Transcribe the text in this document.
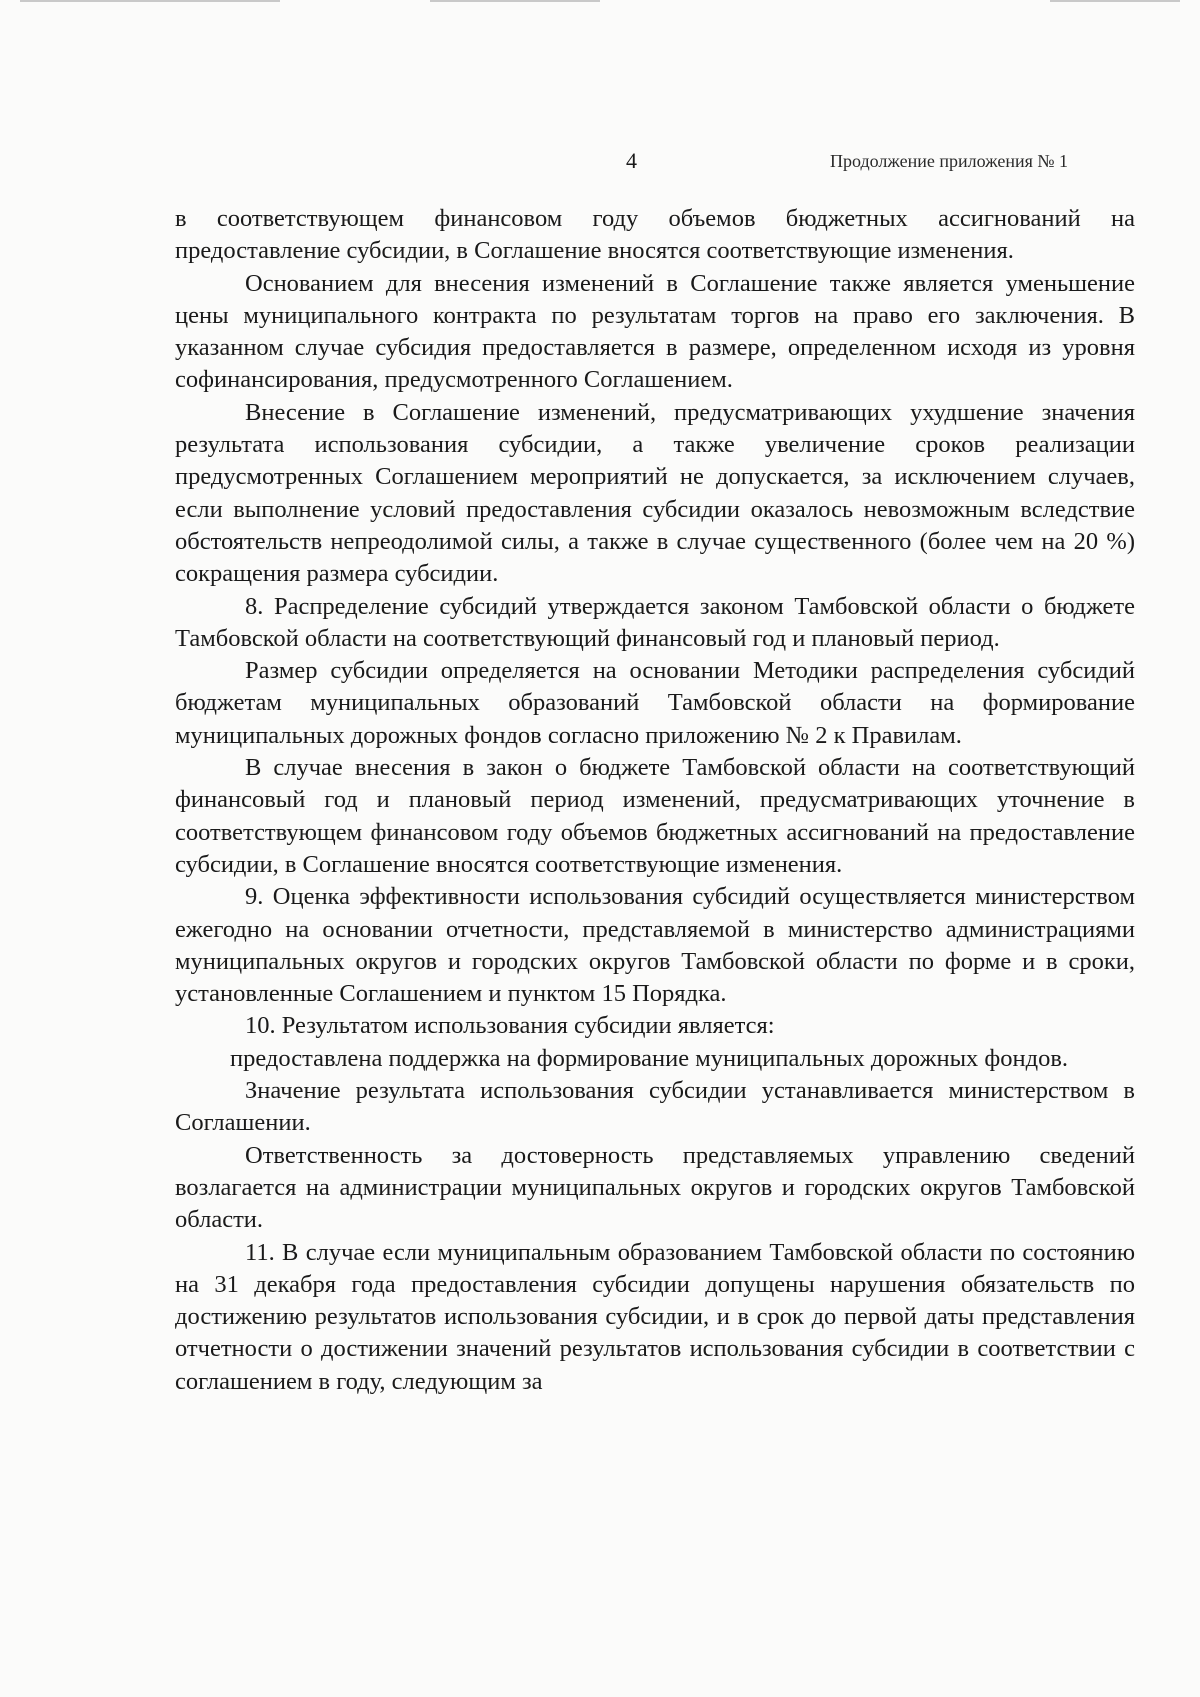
4	Продолжение приложения № 1

в соответствующем финансовом году объемов бюджетных ассигнований на предоставление субсидии, в Соглашение вносятся соответствующие изменения.

Основанием для внесения изменений в Соглашение также является уменьшение цены муниципального контракта по результатам торгов на право его заключения. В указанном случае субсидия предоставляется в размере, определенном исходя из уровня софинансирования, предусмотренного Соглашением.

Внесение в Соглашение изменений, предусматривающих ухудшение значения результата использования субсидии, а также увеличение сроков реализации предусмотренных Соглашением мероприятий не допускается, за исключением случаев, если выполнение условий предоставления субсидии оказалось невозможным вследствие обстоятельств непреодолимой силы, а также в случае существенного (более чем на 20 %) сокращения размера субсидии.

8. Распределение субсидий утверждается законом Тамбовской области о бюджете Тамбовской области на соответствующий финансовый год и плановый период.

Размер субсидии определяется на основании Методики распределения субсидий бюджетам муниципальных образований Тамбовской области на формирование муниципальных дорожных фондов согласно приложению № 2 к Правилам.

В случае внесения в закон о бюджете Тамбовской области на соответствующий финансовый год и плановый период изменений, предусматривающих уточнение в соответствующем финансовом году объемов бюджетных ассигнований на предоставление субсидии, в Соглашение вносятся соответствующие изменения.

9. Оценка эффективности использования субсидий осуществляется министерством ежегодно на основании отчетности, представляемой в министерство администрациями муниципальных округов и городских округов Тамбовской области по форме и в сроки, установленные Соглашением и пунктом 15 Порядка.

10. Результатом использования субсидии является:

предоставлена поддержка на формирование муниципальных дорожных фондов.

Значение результата использования субсидии устанавливается министерством в Соглашении.

Ответственность за достоверность представляемых управлению сведений возлагается на администрации муниципальных округов и городских округов Тамбовской области.

11. В случае если муниципальным образованием Тамбовской области по состоянию на 31 декабря года предоставления субсидии допущены нарушения обязательств по достижению результатов использования субсидии, и в срок до первой даты представления отчетности о достижении значений результатов использования субсидии в соответствии с соглашением в году, следующим за
